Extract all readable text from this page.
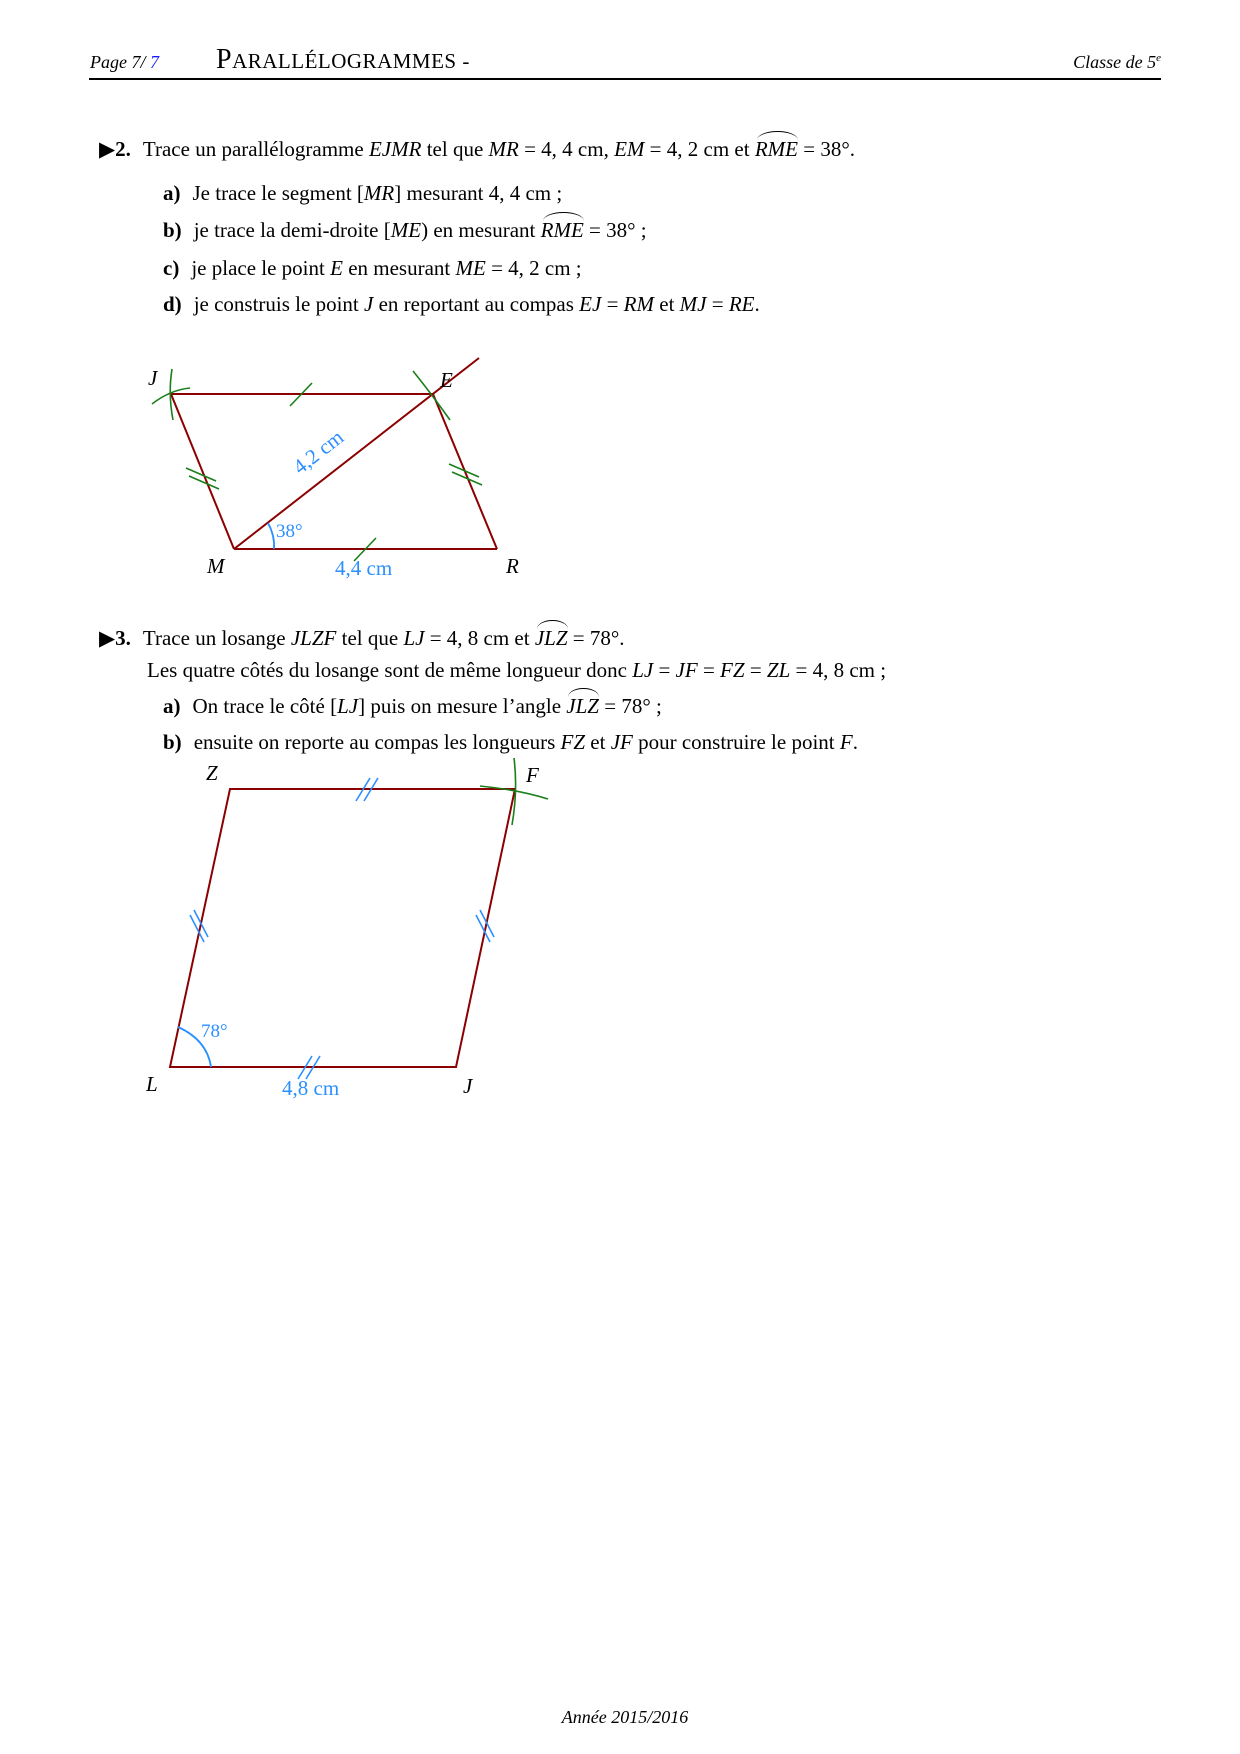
Page 7/ 7 PARALLÉLOGRAMMES -	Classe de 5e
▶2. Trace un parallélogramme EJMR tel que MR = 4, 4 cm, EM = 4, 2 cm et RME = 38°.
a) Je trace le segment [MR] mesurant 4, 4 cm ;
b) je trace la demi-droite [ME) en mesurant RME = 38° ;
c) je place le point E en mesurant ME = 4, 2 cm ;
d) je construis le point J en reportant au compas EJ = RM et MJ = RE.
▶3. Trace un losange JLZF tel que LJ = 4, 8 cm et JLZ = 78°.
Les quatre côtés du losange sont de même longueur donc LJ = JF = FZ = ZL = 4, 8 cm ;
a) On trace le côté [LJ] puis on mesure l’angle JLZ = 78° ;
b) ensuite on reporte au compas les longueurs FZ et JF pour construire le point F.
J	E
M	R
Z	F
L	J
4,4 cm
4,2 cm
38°
4,8 cm
78°
Année 2015/2016
